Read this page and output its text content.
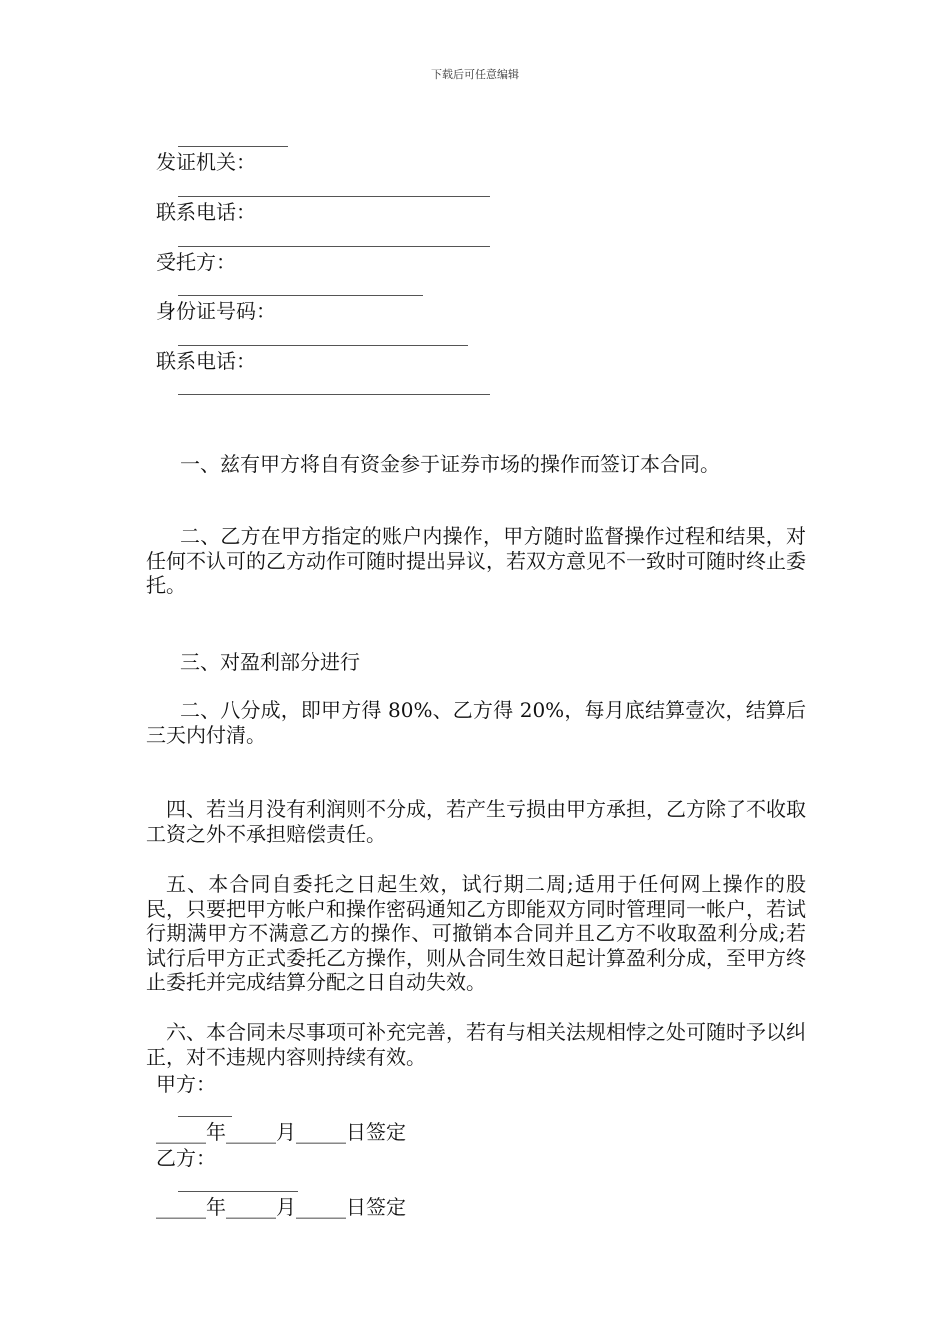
下载后可任意编辑
发证机关：
联系电话：
受托方：
身份证号码：
联系电话：
一、兹有甲方将自有资金参于证券市场的操作而签订本合同。
二、乙方在甲方指定的账户内操作，甲方随时监督操作过程和结果，对任何不认可的乙方动作可随时提出异议，若双方意见不一致时可随时终止委托。
三、对盈利部分进行
二、八分成，即甲方得 80%、乙方得 20%，每月底结算壹次，结算后三天内付清。
四、若当月没有利润则不分成，若产生亏损由甲方承担，乙方除了不收取工资之外不承担赔偿责任。
五、本合同自委托之日起生效，试行期二周;适用于任何网上操作的股民，只要把甲方帐户和操作密码通知乙方即能双方同时管理同一帐户，若试行期满甲方不满意乙方的操作、可撤销本合同并且乙方不收取盈利分成;若试行后甲方正式委托乙方操作，则从合同生效日起计算盈利分成，至甲方终止委托并完成结算分配之日自动失效。
六、本合同未尽事项可补充完善，若有与相关法规相悖之处可随时予以纠正，对不违规内容则持续有效。
甲方：
_____年_____月_____日签定
乙方：
_____年_____月_____日签定
